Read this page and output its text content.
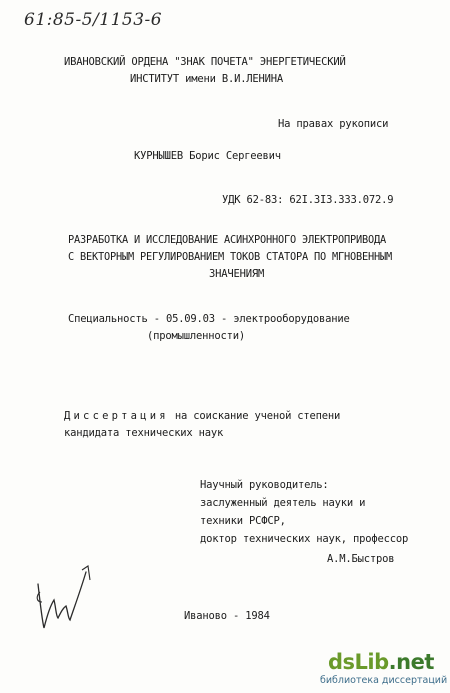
61:85-5/1153-6
ИВАНОВСКИЙ ОРДЕНА "ЗНАК ПОЧЕТА" ЭНЕРГЕТИЧЕСКИЙ
ИНСТИТУТ имени В.И.ЛЕНИНА
На правах рукописи
КУРНЫШЕВ Борис Сергеевич
УДК 62-83: 62I.3I3.333.072.9
РАЗРАБОТКА И ИССЛЕДОВАНИЕ АСИНХРОННОГО ЭЛЕКТРОПРИВОДА
С ВЕКТОРНЫМ РЕГУЛИРОВАНИЕМ ТОКОВ СТАТОРА ПО МГНОВЕННЫМ
ЗНАЧЕНИЯМ
Специальность - 05.09.03 - электрооборудование
(промышленности)
Диссертация на соискание ученой степени
кандидата технических наук
Научный руководитель:
заслуженный деятель науки и
техники РСФСР,
доктор технических наук, профессор
А.М.Быстров
Иваново - 1984
dsLib.net
библиотека диссертаций
